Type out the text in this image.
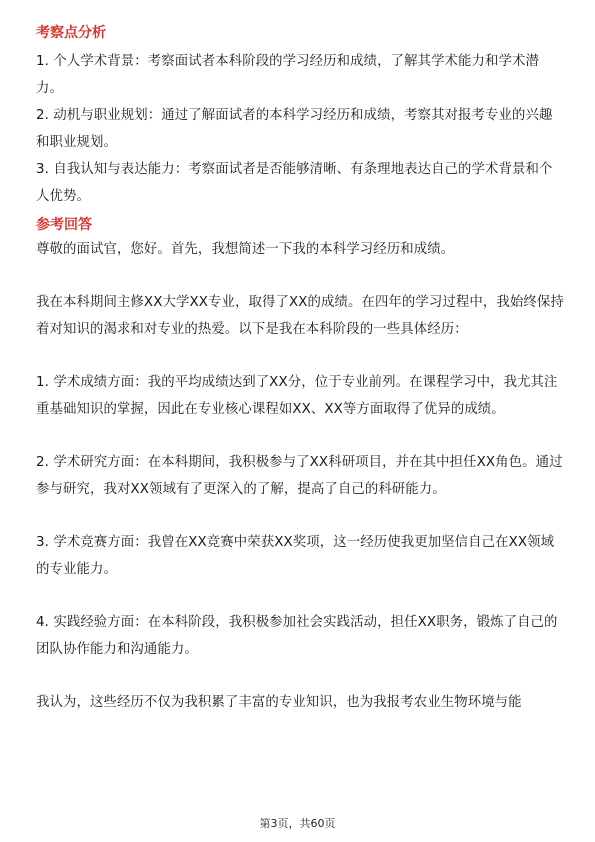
考察点分析

1. 个人学术背景：考察面试者本科阶段的学习经历和成绩，了解其学术能力和学术潜力。

2. 动机与职业规划：通过了解面试者的本科学习经历和成绩，考察其对报考专业的兴趣和职业规划。

3. 自我认知与表达能力：考察面试者是否能够清晰、有条理地表达自己的学术背景和个人优势。

参考回答

尊敬的面试官，您好。首先，我想简述一下我的本科学习经历和成绩。

我在本科期间主修XX大学XX专业，取得了XX的成绩。在四年的学习过程中，我始终保持着对知识的渴求和对专业的热爱。以下是我在本科阶段的一些具体经历：

1. 学术成绩方面：我的平均成绩达到了XX分，位于专业前列。在课程学习中，我尤其注重基础知识的掌握，因此在专业核心课程如XX、XX等方面取得了优异的成绩。

2. 学术研究方面：在本科期间，我积极参与了XX科研项目，并在其中担任XX角色。通过参与研究，我对XX领域有了更深入的了解，提高了自己的科研能力。

3. 学术竞赛方面：我曾在XX竞赛中荣获XX奖项，这一经历使我更加坚信自己在XX领域的专业能力。

4. 实践经验方面：在本科阶段，我积极参加社会实践活动，担任XX职务，锻炼了自己的团队协作能力和沟通能力。

我认为，这些经历不仅为我积累了丰富的专业知识，也为我报考农业生物环境与能

第3页，共60页
